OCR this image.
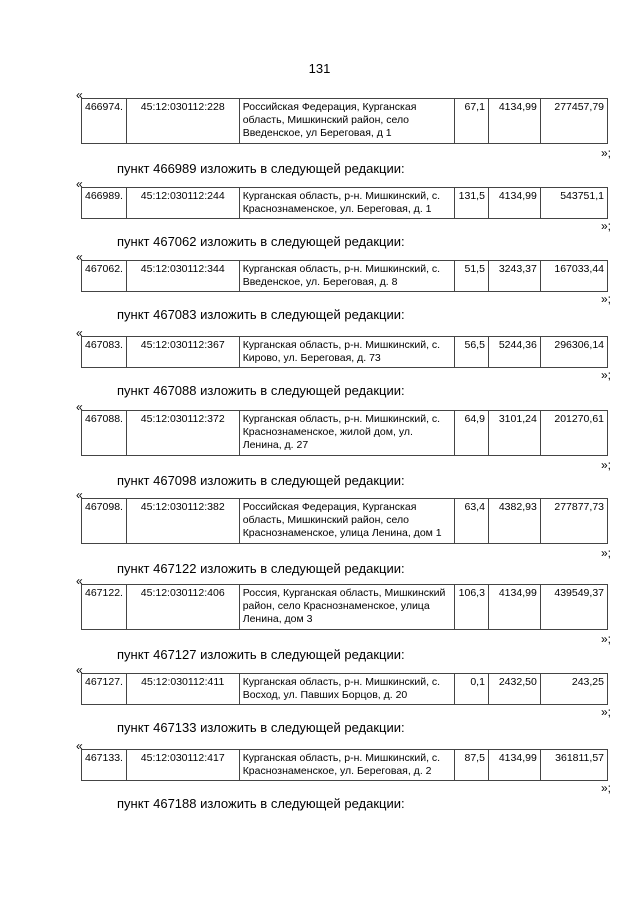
131
«
466974.	45:12:030112:228	Российская Федерация, Курганская область, Мишкинский район, село Введенское, ул Береговая, д 1	67,1	4134,99	277457,79
»;
пункт 466989 изложить в следующей редакции:
«
466989.	45:12:030112:244	Курганская область, р-н. Мишкинский, с. Краснознаменское, ул. Береговая, д. 1	131,5	4134,99	543751,1
»;
пункт 467062 изложить в следующей редакции:
«
467062.	45:12:030112:344	Курганская область, р-н. Мишкинский, с. Введенское, ул. Береговая, д. 8	51,5	3243,37	167033,44
»;
пункт 467083 изложить в следующей редакции:
«
467083.	45:12:030112:367	Курганская область, р-н. Мишкинский, с. Кирово, ул. Береговая, д. 73	56,5	5244,36	296306,14
»;
пункт 467088 изложить в следующей редакции:
«
467088.	45:12:030112:372	Курганская область, р-н. Мишкинский, с. Краснознаменское, жилой дом, ул. Ленина, д. 27	64,9	3101,24	201270,61
»;
пункт 467098 изложить в следующей редакции:
«
467098.	45:12:030112:382	Российская Федерация, Курганская область, Мишкинский район, село Краснознаменское, улица Ленина, дом 1	63,4	4382,93	277877,73
»;
пункт 467122 изложить в следующей редакции:
«
467122.	45:12:030112:406	Россия, Курганская область, Мишкинский район, село Краснознаменское, улица Ленина, дом 3	106,3	4134,99	439549,37
»;
пункт 467127 изложить в следующей редакции:
«
467127.	45:12:030112:411	Курганская область, р-н. Мишкинский, с. Восход, ул. Павших Борцов, д. 20	0,1	2432,50	243,25
»;
пункт 467133 изложить в следующей редакции:
«
467133.	45:12:030112:417	Курганская область, р-н. Мишкинский, с. Краснознаменское, ул. Береговая, д. 2	87,5	4134,99	361811,57
»;
пункт 467188 изложить в следующей редакции:
